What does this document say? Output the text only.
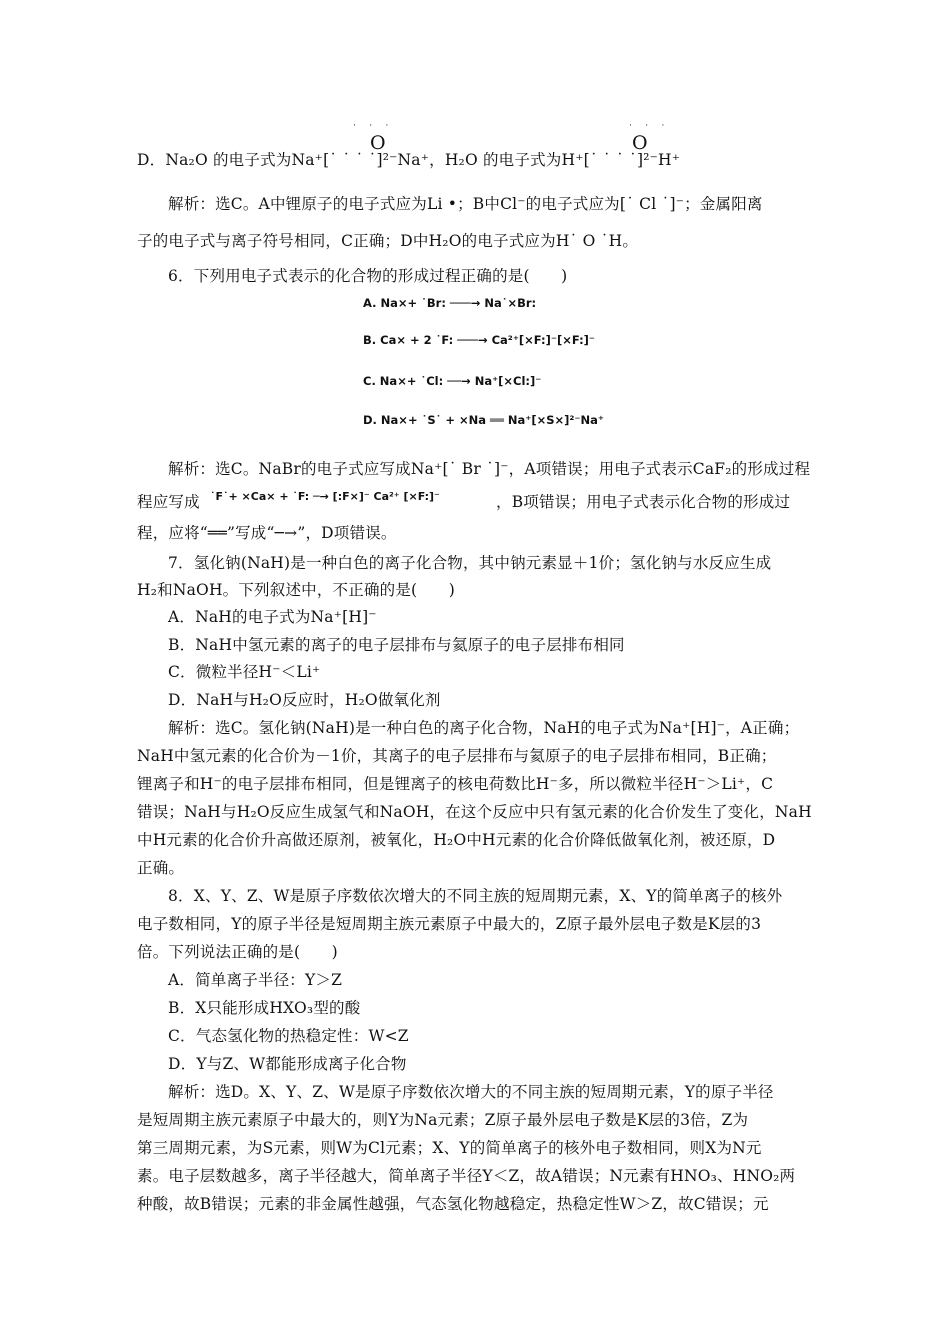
˙ ˙ ˙
O
˙ ˙ ˙
O
D．Na₂O 的电子式为Na⁺[˙ ˙ ˙ ˙]²⁻Na⁺，H₂O 的电子式为H⁺[˙ ˙ ˙ ˙]²⁻H⁺
解析：选C。A中锂原子的电子式应为Li •；B中Cl⁻的电子式应为[˙ Cl ˙]⁻；金属阳离
子的电子式与离子符号相同，C正确；D中H₂O的电子式应为H˙ O ˙H。
6．下列用电子式表示的化合物的形成过程正确的是(　　)
A. Na×+ ˙Br: ───→ Na˙×Br:
B. Ca× + 2 ˙F: ───→ Ca²⁺[×F:]⁻[×F:]⁻
C. Na×+ ˙Cl: ──→ Na⁺[×Cl:]⁻
D. Na×+ ˙S˙ + ×Na ══ Na⁺[×S×]²⁻Na⁺
解析：选C。NaBr的电子式应写成Na⁺[˙ Br ˙]⁻，A项错误；用电子式表示CaF₂的形成过程
程应写成 ˙F˙+ ×Ca× + ˙F: ─→ [:F×]⁻ Ca²⁺ [×F:]⁻	，B项错误；用电子式表示化合物的形成过
程，应将“══”写成“─→”，D项错误。
7．氢化钠(NaH)是一种白色的离子化合物，其中钠元素显＋1价；氢化钠与水反应生成
H₂和NaOH。下列叙述中，不正确的是(　　)
A．NaH的电子式为Na⁺[H]⁻
B．NaH中氢元素的离子的电子层排布与氦原子的电子层排布相同
C．微粒半径H⁻＜Li⁺
D．NaH与H₂O反应时，H₂O做氧化剂
解析：选C。氢化钠(NaH)是一种白色的离子化合物，NaH的电子式为Na⁺[H]⁻，A正确；
NaH中氢元素的化合价为－1价，其离子的电子层排布与氦原子的电子层排布相同，B正确；
锂离子和H⁻的电子层排布相同，但是锂离子的核电荷数比H⁻多，所以微粒半径H⁻＞Li⁺，C
错误；NaH与H₂O反应生成氢气和NaOH，在这个反应中只有氢元素的化合价发生了变化，NaH
中H元素的化合价升高做还原剂，被氧化，H₂O中H元素的化合价降低做氧化剂，被还原，D
正确。
8．X、Y、Z、W是原子序数依次增大的不同主族的短周期元素，X、Y的简单离子的核外
电子数相同，Y的原子半径是短周期主族元素原子中最大的，Z原子最外层电子数是K层的3
倍。下列说法正确的是(　　)
A．简单离子半径：Y＞Z
B．X只能形成HXO₃型的酸
C．气态氢化物的热稳定性：W<Z
D．Y与Z、W都能形成离子化合物
解析：选D。X、Y、Z、W是原子序数依次增大的不同主族的短周期元素，Y的原子半径
是短周期主族元素原子中最大的，则Y为Na元素；Z原子最外层电子数是K层的3倍，Z为
第三周期元素，为S元素，则W为Cl元素；X、Y的简单离子的核外电子数相同，则X为N元
素。电子层数越多，离子半径越大，简单离子半径Y＜Z，故A错误；N元素有HNO₃、HNO₂两
种酸，故B错误；元素的非金属性越强，气态氢化物越稳定，热稳定性W＞Z，故C错误；元
